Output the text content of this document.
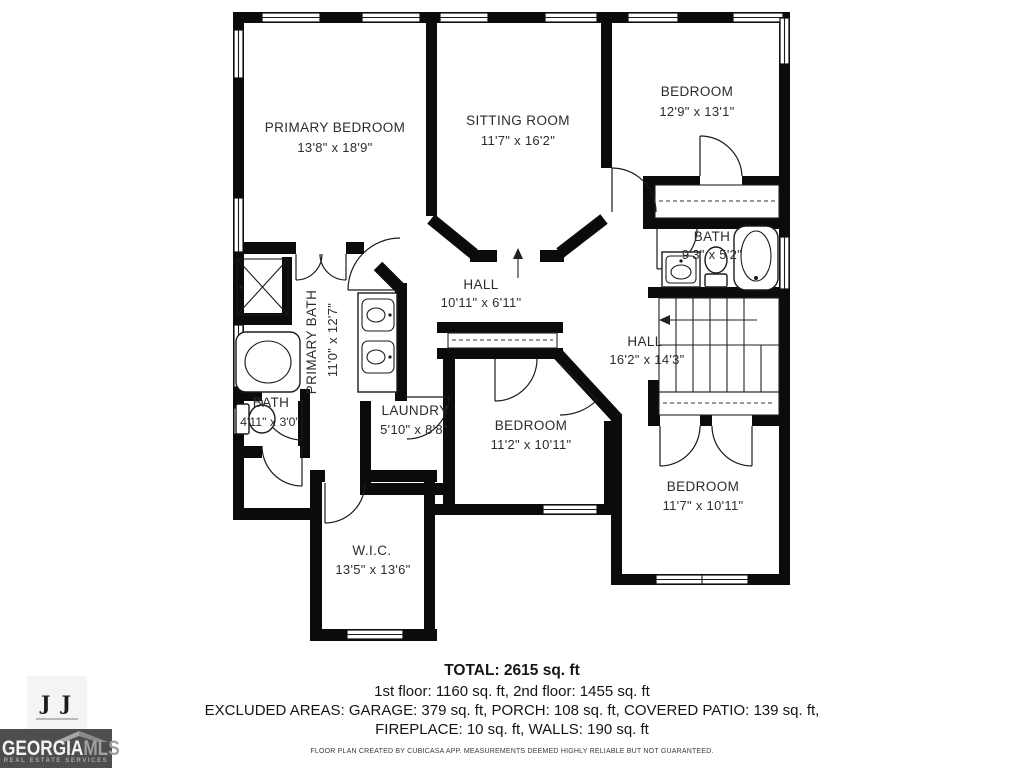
PRIMARY BEDROOM
13'8" x 18'9"
SITTING ROOM
11'7" x 16'2"
BEDROOM
12'9" x 13'1"
BATH
9'3" x 5'2"
HALL
10'11" x 6'11"
HALL
16'2" x 14'3"
PRIMARY BATH 11'0" x 12'7"
BATH
4'11" x 3'0"
LAUNDRY
5'10" x 8'8"	BEDROOM
11'2" x 10'11"
BEDROOM
11'7" x 10'11"
W.I.C.
13'5" x 13'6"
TOTAL: 2615 sq. ft
1st floor: 1160 sq. ft, 2nd floor: 1455 sq. ft
EXCLUDED AREAS: GARAGE: 379 sq. ft, PORCH: 108 sq. ft, COVERED PATIO: 139 sq. ft,
FIREPLACE: 10 sq. ft, WALLS: 190 sq. ft
FLOOR PLAN CREATED BY CUBICASA APP. MEASUREMENTS DEEMED HIGHLY RELIABLE BUT NOT GUARANTEED.
J J
GEORGIAMLS
REAL ESTATE SERVICES
